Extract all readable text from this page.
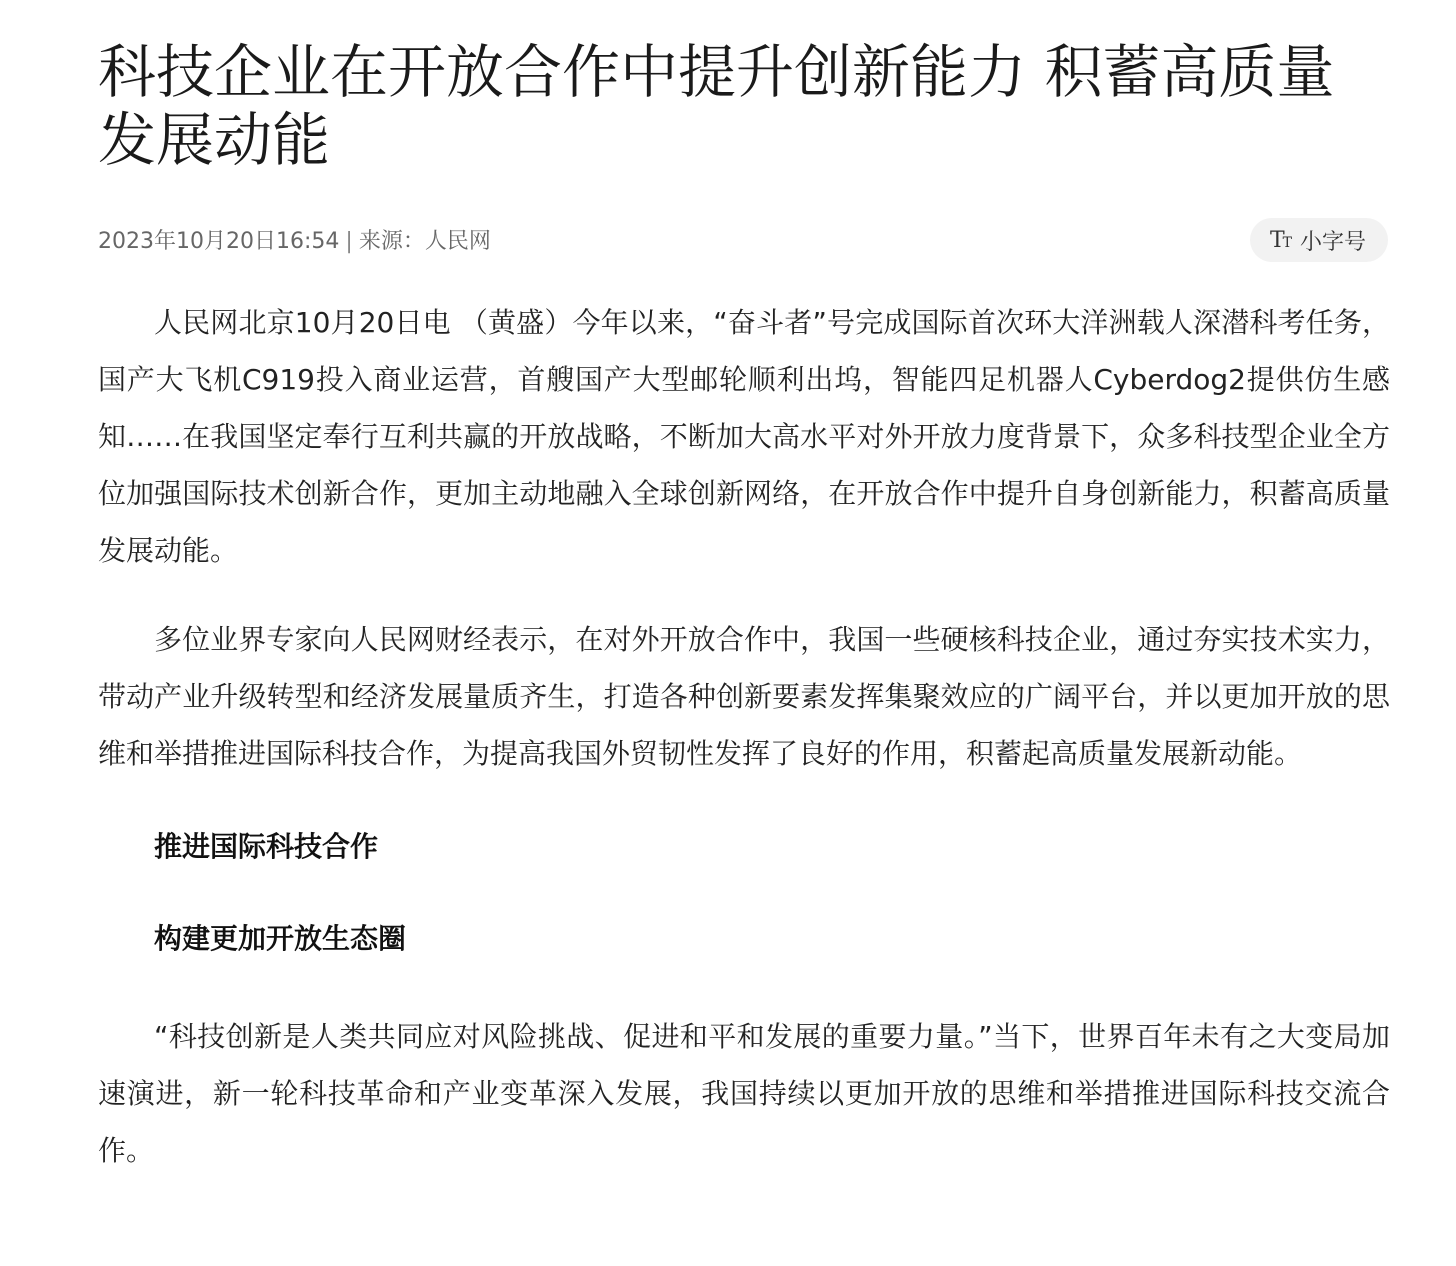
科技企业在开放合作中提升创新能力 积蓄高质量发展动能
2023年10月20日16:54 | 来源：人民网	TT 小字号

人民网北京10月20日电 （黄盛）今年以来，“奋斗者”号完成国际首次环大洋洲载人深潜科考任务，国产大飞机C919投入商业运营，首艘国产大型邮轮顺利出坞，智能四足机器人Cyberdog2提供仿生感知……在我国坚定奉行互利共赢的开放战略，不断加大高水平对外开放力度背景下，众多科技型企业全方位加强国际技术创新合作，更加主动地融入全球创新网络，在开放合作中提升自身创新能力，积蓄高质量发展动能。

多位业界专家向人民网财经表示，在对外开放合作中，我国一些硬核科技企业，通过夯实技术实力，带动产业升级转型和经济发展量质齐生，打造各种创新要素发挥集聚效应的广阔平台，并以更加开放的思维和举措推进国际科技合作，为提高我国外贸韧性发挥了良好的作用，积蓄起高质量发展新动能。

推进国际科技合作
构建更加开放生态圈

“科技创新是人类共同应对风险挑战、促进和平和发展的重要力量。”当下，世界百年未有之大变局加速演进，新一轮科技革命和产业变革深入发展，我国持续以更加开放的思维和举措推进国际科技交流合作。
